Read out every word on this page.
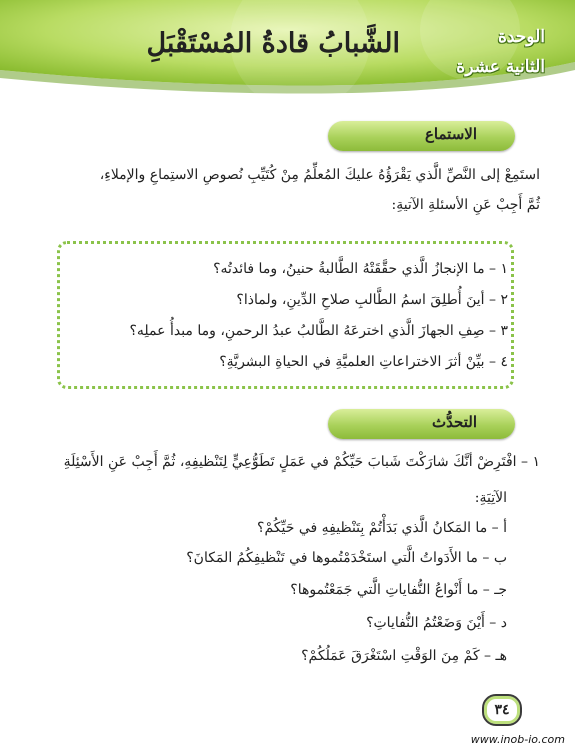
الوحدة
الثانية عشرة
الشَّبابُ قادةُ المُسْتَقْبَلِ
الاستماع
استَمِعْ إلى النَّصِّ الَّذي يَقْرَؤُهُ عليكَ المُعلِّمُ مِنْ كُتَيِّبِ نُصوصِ الاستِماعِ والإملاءِ،
ثُمَّ أَجِبْ عَنِ الأسئلةِ الآتيةِ:
١ – ما الإنجازُ الَّذي حقَّقَتْهُ الطَّالبةُ حنينُ، وما فائدتُه؟
٢ – أينَ أُطلِقَ اسمُ الطَّالبِ صلاحِ الدِّينِ، ولماذا؟
٣ – صِفِ الجهازَ الَّذي اخترعَهُ الطَّالبُ عبدُ الرحمنِ، وما مبدأُ عملِه؟
٤ – بيِّنْ أثرَ الاختراعاتِ العلميَّةِ في الحياةِ البشريَّةِ؟
التحدُّث
١ – افْتَرِضْ أنَّكَ شارَكْتَ شَبابَ حَيِّكُمْ في عَمَلٍ تَطَوُّعِيٍّ لِتَنْظيفِهِ، ثُمَّ أَجِبْ عَنِ الأَسْئِلَةِ
الآتِيَةِ:
أ – ما المَكانُ الَّذي بَدَأْتُمْ بِتَنْظيفِهِ في حَيِّكُمْ؟
ب – ما الأَدَواتُ الَّتي استَخْدَمْتُموها في تَنْظيفِكُمُ المَكانَ؟
جـ – ما أَنْواعُ النُّفاياتِ الَّتي جَمَعْتُموها؟
د – أَيْنَ وَضَعْتُمُ النُّفاياتِ؟
هـ – كَمْ مِنَ الوَقْتِ اسْتَغْرَقَ عَمَلُكُمْ؟
٣٤
www.inob-io.com
